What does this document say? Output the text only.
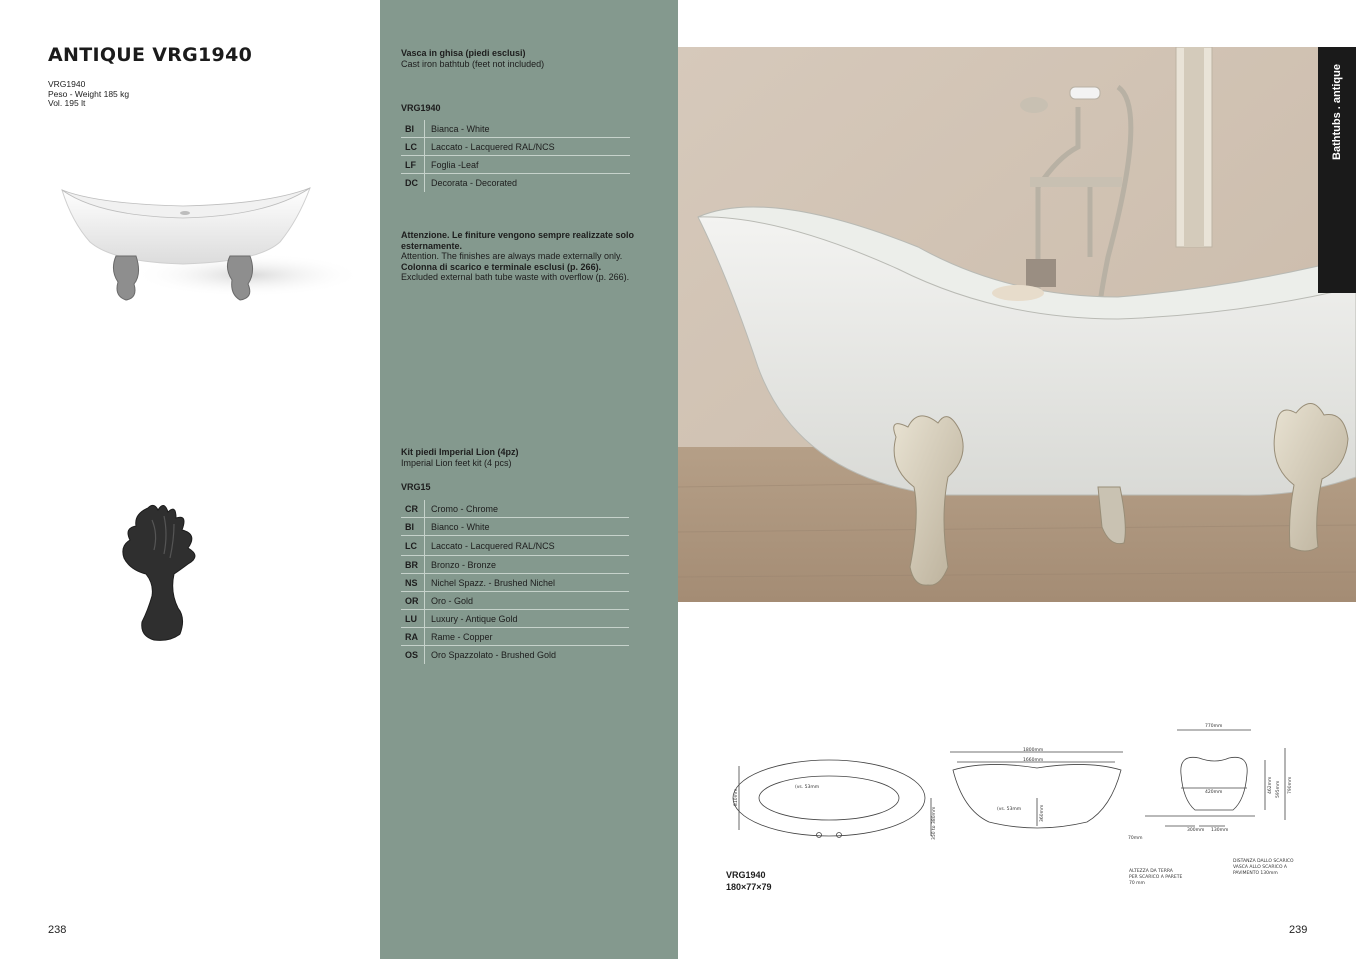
ANTIQUE VRG1940
VRG1940
Peso - Weight 185 kg
Vol. 195 lt
238
Vasca in ghisa (piedi esclusi)
Cast iron bathtub (feet not included)
VRG1940
BI	Bianca - White
LC	Laccato - Lacquered RAL/NCS
LF	Foglia -Leaf
DC	Decorata - Decorated
Attenzione. Le finiture vengono sempre realizzate solo esternamente.
Attention. The finishes are always made externally only.
Colonna di scarico e terminale esclusi (p. 266).
Excluded external bath tube waste with overflow (p. 266).
Kit piedi Imperial Lion (4pz)
Imperial Lion feet kit (4 pcs)
VRG15
CR	Cromo - Chrome
BI	Bianco - White
LC	Laccato - Lacquered RAL/NCS
BR	Bronzo - Bronze
NS	Nichel Spazz. - Brushed Nichel
OR	Oro - Gold
LU	Luxury - Antique Gold
RA	Rame - Copper
OS	Oro Spazzolato - Brushed Gold
Bathtubs . antique
1800mm
1660mm
770mm
420mm
(vs. 53mm
(vs. 53mm
300mm 130mm
70mm
810mm
350 to 380mm	360mm
462mm 595mm 790mm
ALTEZZA DA TERRA
PER SCARICO A PARETE
70 mm
DISTANZA DALLO SCARICO
VASCA ALLO SCARICO A
PAVIMENTO 130mm
VRG1940
180×77×79
239
